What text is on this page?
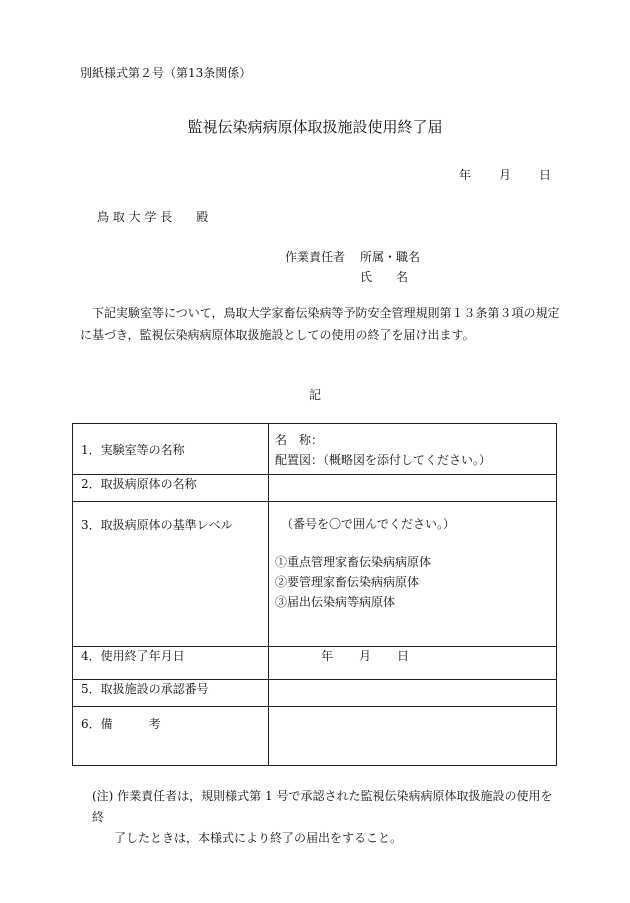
別紙様式第２号（第13条関係）
監視伝染病病原体取扱施設使用終了届
年 月 日
鳥 取 大 学 長　　殿
作業責任者 所属・職名
氏　　名

下記実験室等について，鳥取大学家畜伝染病等予防安全管理規則第１３条第３項の規定

に基づき，監視伝染病病原体取扱施設としての使用の終了を届け出ます。

記
1．実験室等の名称	名　称：
配置図：（概略図を添付してください。）

2．取扱病原体の名称	
3．取扱病原体の基準レベル	（番号を〇で囲んでください。）
①重点管理家畜伝染病病原体
②要管理家畜伝染病病原体
③届出伝染病等病原体

4．使用終了年月日	年 月 日
5．取扱施設の承認番号	
6．備　　　考	

(注) 作業責任者は，規則様式第 1 号で承認された監視伝染病病原体取扱施設の使用を終

了したときは，本様式により終了の届出をすること。
